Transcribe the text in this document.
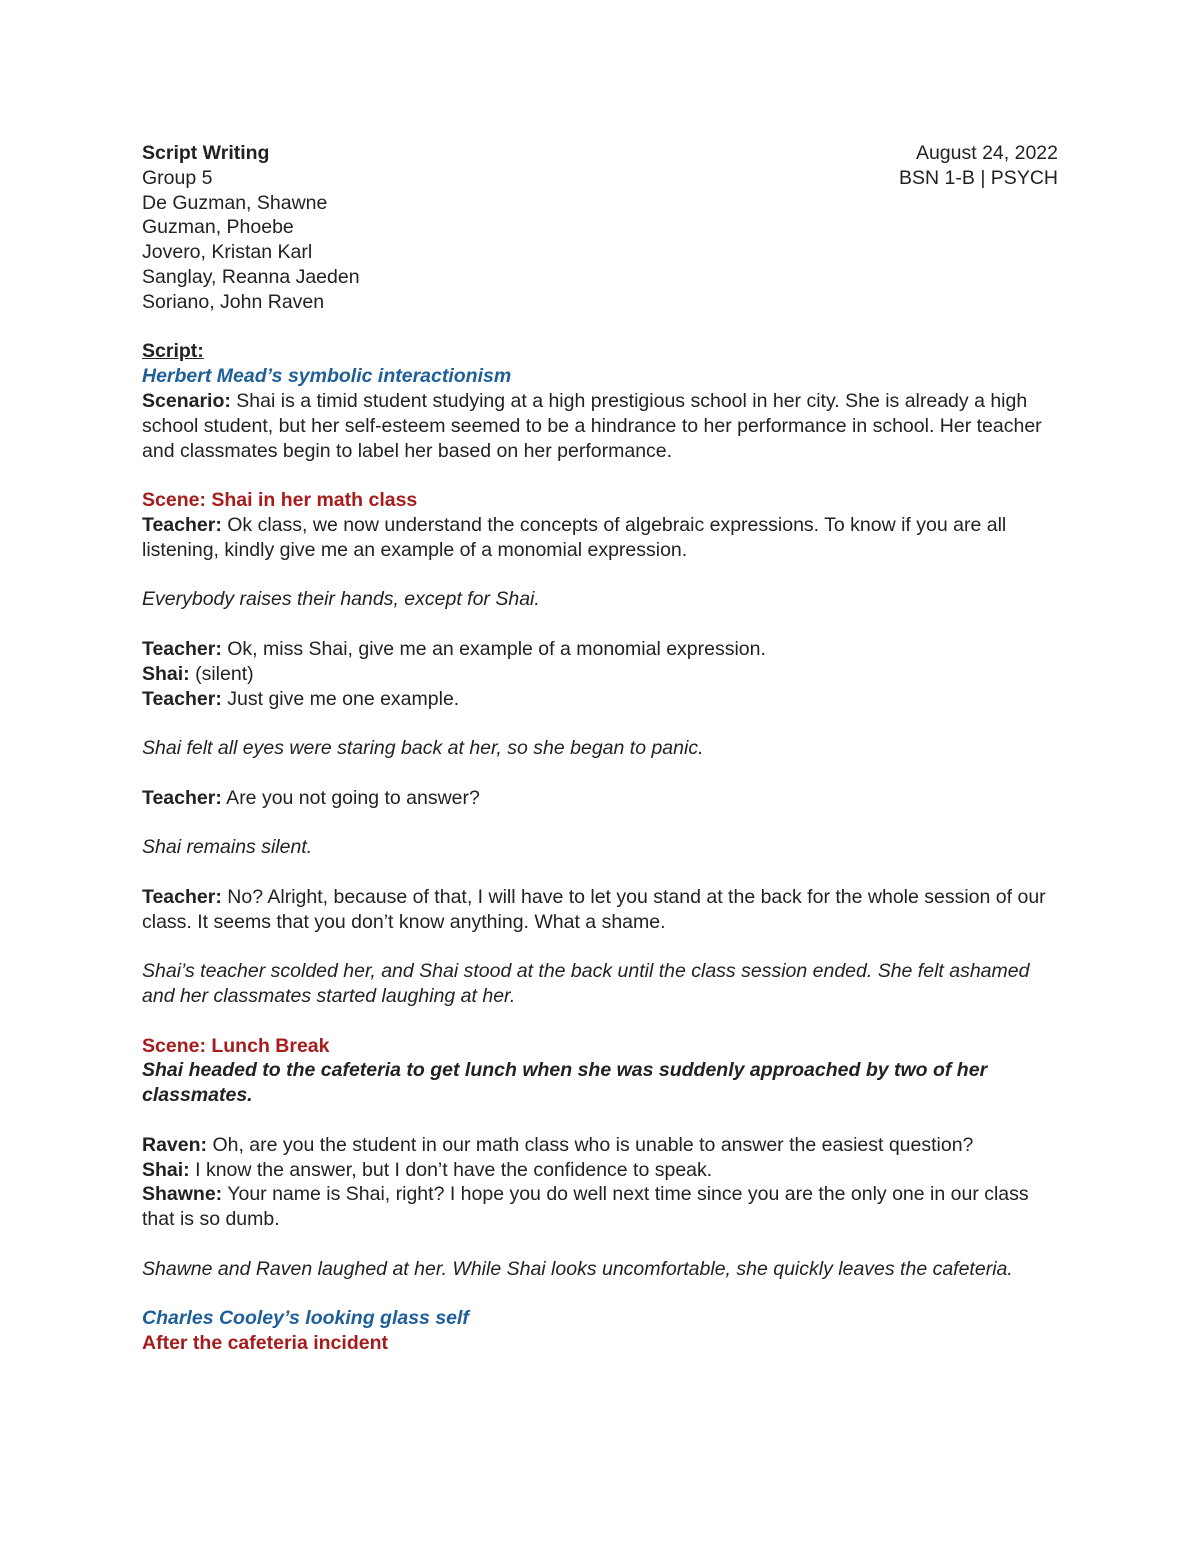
Script Writing	August 24, 2022
Group 5	BSN 1-B | PSYCH

De Guzman, Shawne

Guzman, Phoebe

Jovero, Kristan Karl

Sanglay, Reanna Jaeden

Soriano, John Raven

Script:

Herbert Mead’s symbolic interactionism

Scenario: Shai is a timid student studying at a high prestigious school in her city. She is already a high school student, but her self-esteem seemed to be a hindrance to her performance in school. Her teacher and classmates begin to label her based on her performance.

Scene: Shai in her math class

Teacher: Ok class, we now understand the concepts of algebraic expressions. To know if you are all listening, kindly give me an example of a monomial expression.

Everybody raises their hands, except for Shai.

Teacher: Ok, miss Shai, give me an example of a monomial expression.

Shai: (silent)

Teacher: Just give me one example.

Shai felt all eyes were staring back at her, so she began to panic.

Teacher: Are you not going to answer?

Shai remains silent.

Teacher: No? Alright, because of that, I will have to let you stand at the back for the whole session of our class. It seems that you don’t know anything. What a shame.

Shai’s teacher scolded her, and Shai stood at the back until the class session ended. She felt ashamed and her classmates started laughing at her.

Scene: Lunch Break

Shai headed to the cafeteria to get lunch when she was suddenly approached by two of her classmates.

Raven: Oh, are you the student in our math class who is unable to answer the easiest question?

Shai: I know the answer, but I don’t have the confidence to speak.

Shawne: Your name is Shai, right? I hope you do well next time since you are the only one in our class that is so dumb.

Shawne and Raven laughed at her. While Shai looks uncomfortable, she quickly leaves the cafeteria.

Charles Cooley’s looking glass self

After the cafeteria incident
